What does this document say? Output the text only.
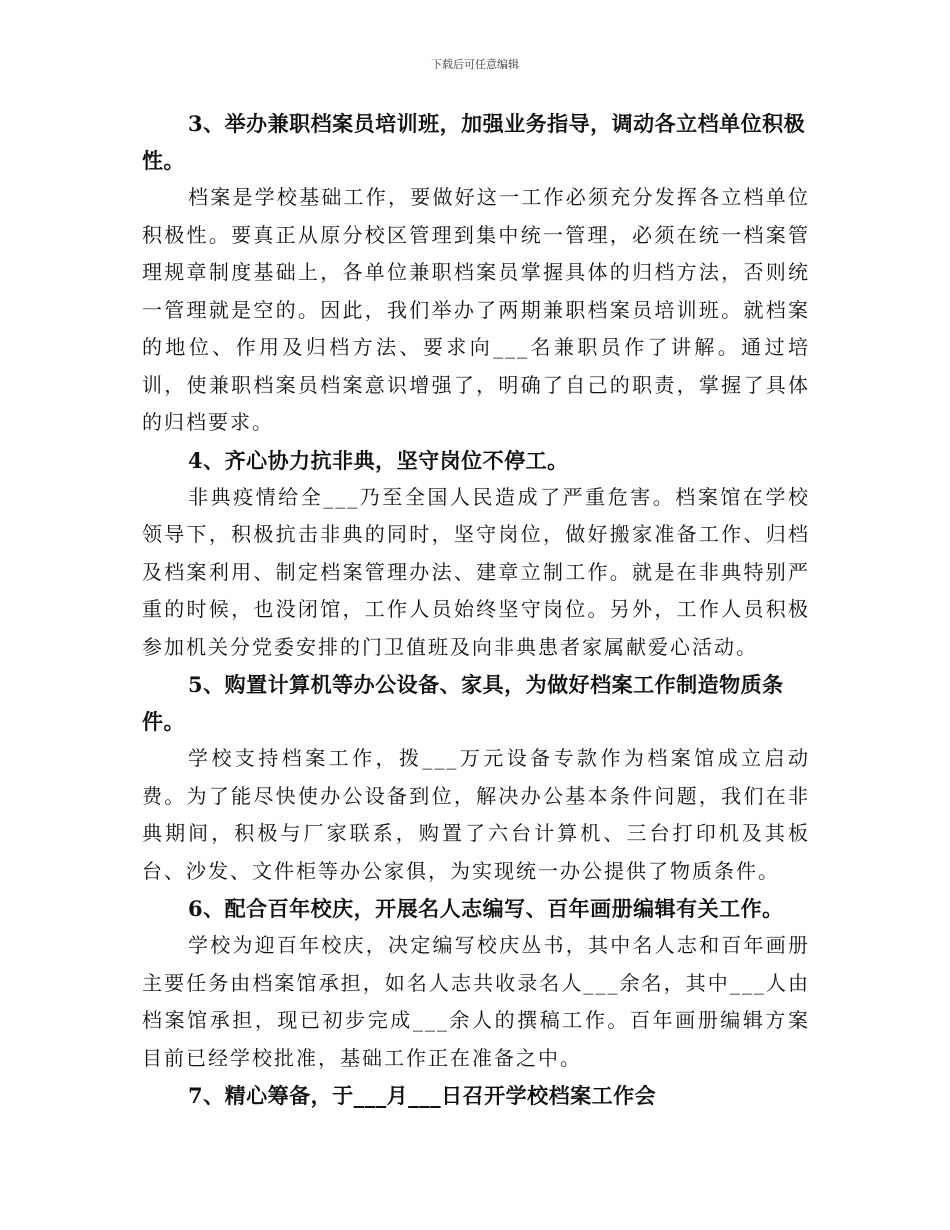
下载后可任意编辑

3、举办兼职档案员培训班，加强业务指导，调动各立档单位积极性。

档案是学校基础工作，要做好这一工作必须充分发挥各立档单位积极性。要真正从原分校区管理到集中统一管理，必须在统一档案管理规章制度基础上，各单位兼职档案员掌握具体的归档方法，否则统一管理就是空的。因此，我们举办了两期兼职档案员培训班。就档案的地位、作用及归档方法、要求向___名兼职员作了讲解。通过培训，使兼职档案员档案意识增强了，明确了自己的职责，掌握了具体的归档要求。

4、齐心协力抗非典，坚守岗位不停工。

非典疫情给全___乃至全国人民造成了严重危害。档案馆在学校领导下，积极抗击非典的同时，坚守岗位，做好搬家准备工作、归档及档案利用、制定档案管理办法、建章立制工作。就是在非典特别严重的时候，也没闭馆，工作人员始终坚守岗位。另外，工作人员积极参加机关分党委安排的门卫值班及向非典患者家属献爱心活动。

5、购置计算机等办公设备、家具，为做好档案工作制造物质条件。

学校支持档案工作，拨___万元设备专款作为档案馆成立启动费。为了能尽快使办公设备到位，解决办公基本条件问题，我们在非典期间，积极与厂家联系，购置了六台计算机、三台打印机及其板台、沙发、文件柜等办公家俱，为实现统一办公提供了物质条件。

6、配合百年校庆，开展名人志编写、百年画册编辑有关工作。

学校为迎百年校庆，决定编写校庆丛书，其中名人志和百年画册主要任务由档案馆承担，如名人志共收录名人___余名，其中___人由档案馆承担，现已初步完成___余人的撰稿工作。百年画册编辑方案目前已经学校批准，基础工作正在准备之中。

7、精心筹备，于___月___日召开学校档案工作会
